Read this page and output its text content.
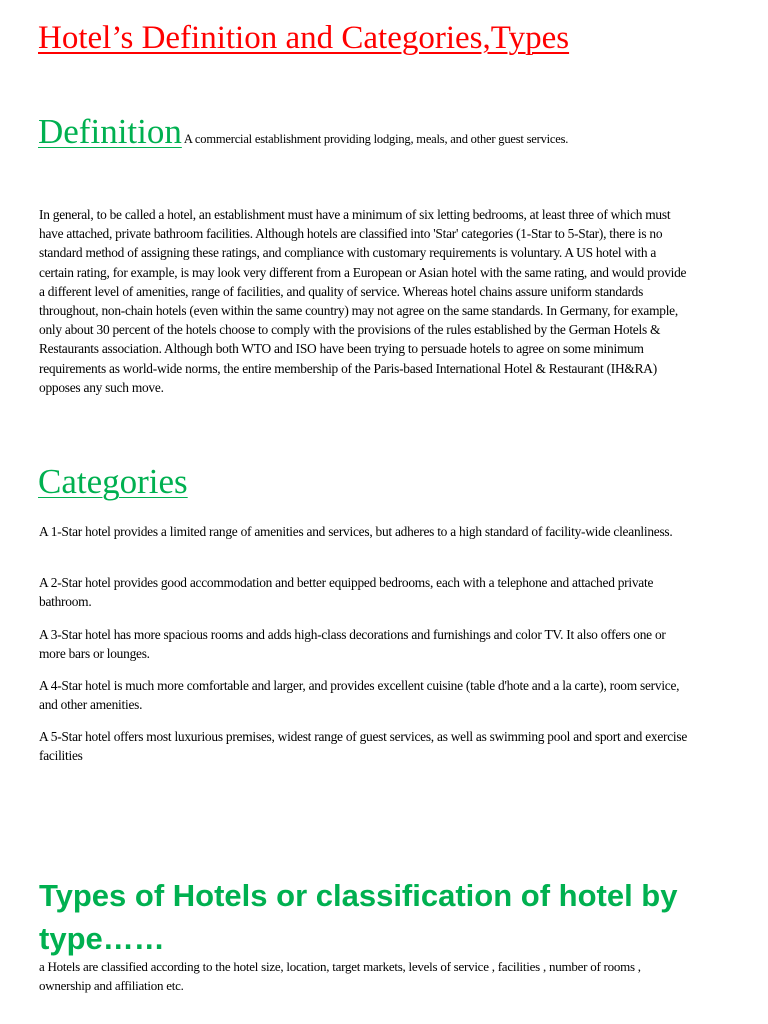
Hotel’s Definition and Categories,Types
Definition A commercial establishment providing lodging, meals, and other guest services.

In general, to be called a hotel, an establishment must have a minimum of six letting bedrooms, at least three of which must have attached, private bathroom facilities. Although hotels are classified into 'Star' categories (1-Star to 5-Star), there is no standard method of assigning these ratings, and compliance with customary requirements is voluntary. A US hotel with a certain rating, for example, is may look very different from a European or Asian hotel with the same rating, and would provide a different level of amenities, range of facilities, and quality of service. Whereas hotel chains assure uniform standards throughout, non-chain hotels (even within the same country) may not agree on the same standards. In Germany, for example, only about 30 percent of the hotels choose to comply with the provisions of the rules established by the German Hotels & Restaurants association. Although both WTO and ISO have been trying to persuade hotels to agree on some minimum requirements as world-wide norms, the entire membership of the Paris-based International Hotel & Restaurant (IH&RA) opposes any such move.

Categories

A 1-Star hotel provides a limited range of amenities and services, but adheres to a high standard of facility-wide cleanliness.

A 2-Star hotel provides good accommodation and better equipped bedrooms, each with a telephone and attached private bathroom.

A 3-Star hotel has more spacious rooms and adds high-class decorations and furnishings and color TV. It also offers one or more bars or lounges.

A 4-Star hotel is much more comfortable and larger, and provides excellent cuisine (table d'hote and a la carte), room service, and other amenities.

A 5-Star hotel offers most luxurious premises, widest range of guest services, as well as swimming pool and sport and exercise facilities

Types of Hotels or classification of hotel by type……

a Hotels are classified according to the hotel size, location, target markets, levels of service , facilities , number of rooms , ownership and affiliation etc.
